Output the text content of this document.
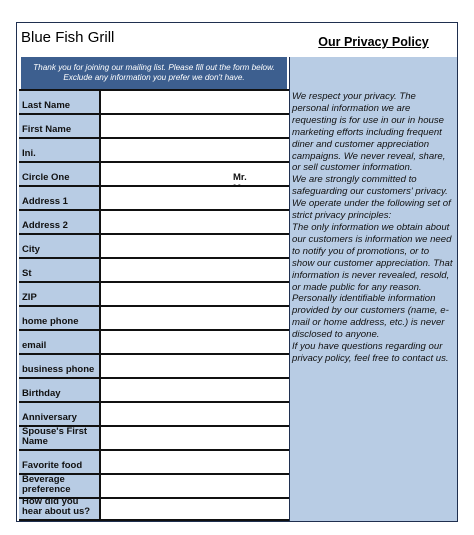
Blue Fish Grill
Thank you for joining our mailing list. Please fill out the form below.
Exclude any information you prefer we don't have.
Last Name
First Name
Ini.
Circle One	Mr.
Address 1
Address 2
City
St
ZIP
home phone
email
business phone
Birthday
Anniversary
Spouse's First Name
Favorite food
Beverage preference
How did you hear about us?
Our Privacy Policy

We respect your privacy. The personal information we are requesting is for use in our in house marketing efforts including frequent diner and customer appreciation campaigns. We never reveal, share, or sell customer information.

We are strongly committed to safeguarding our customers' privacy. We operate under the following set of strict privacy principles:

The only information we obtain about our customers is information we need to notify you of promotions, or to show our customer appreciation. That information is never revealed, resold, or made public for any reason.

Personally identifiable information provided by our customers (name, e-mail or home address, etc.) is never disclosed to anyone.

If you have questions regarding our privacy policy, feel free to contact us.
